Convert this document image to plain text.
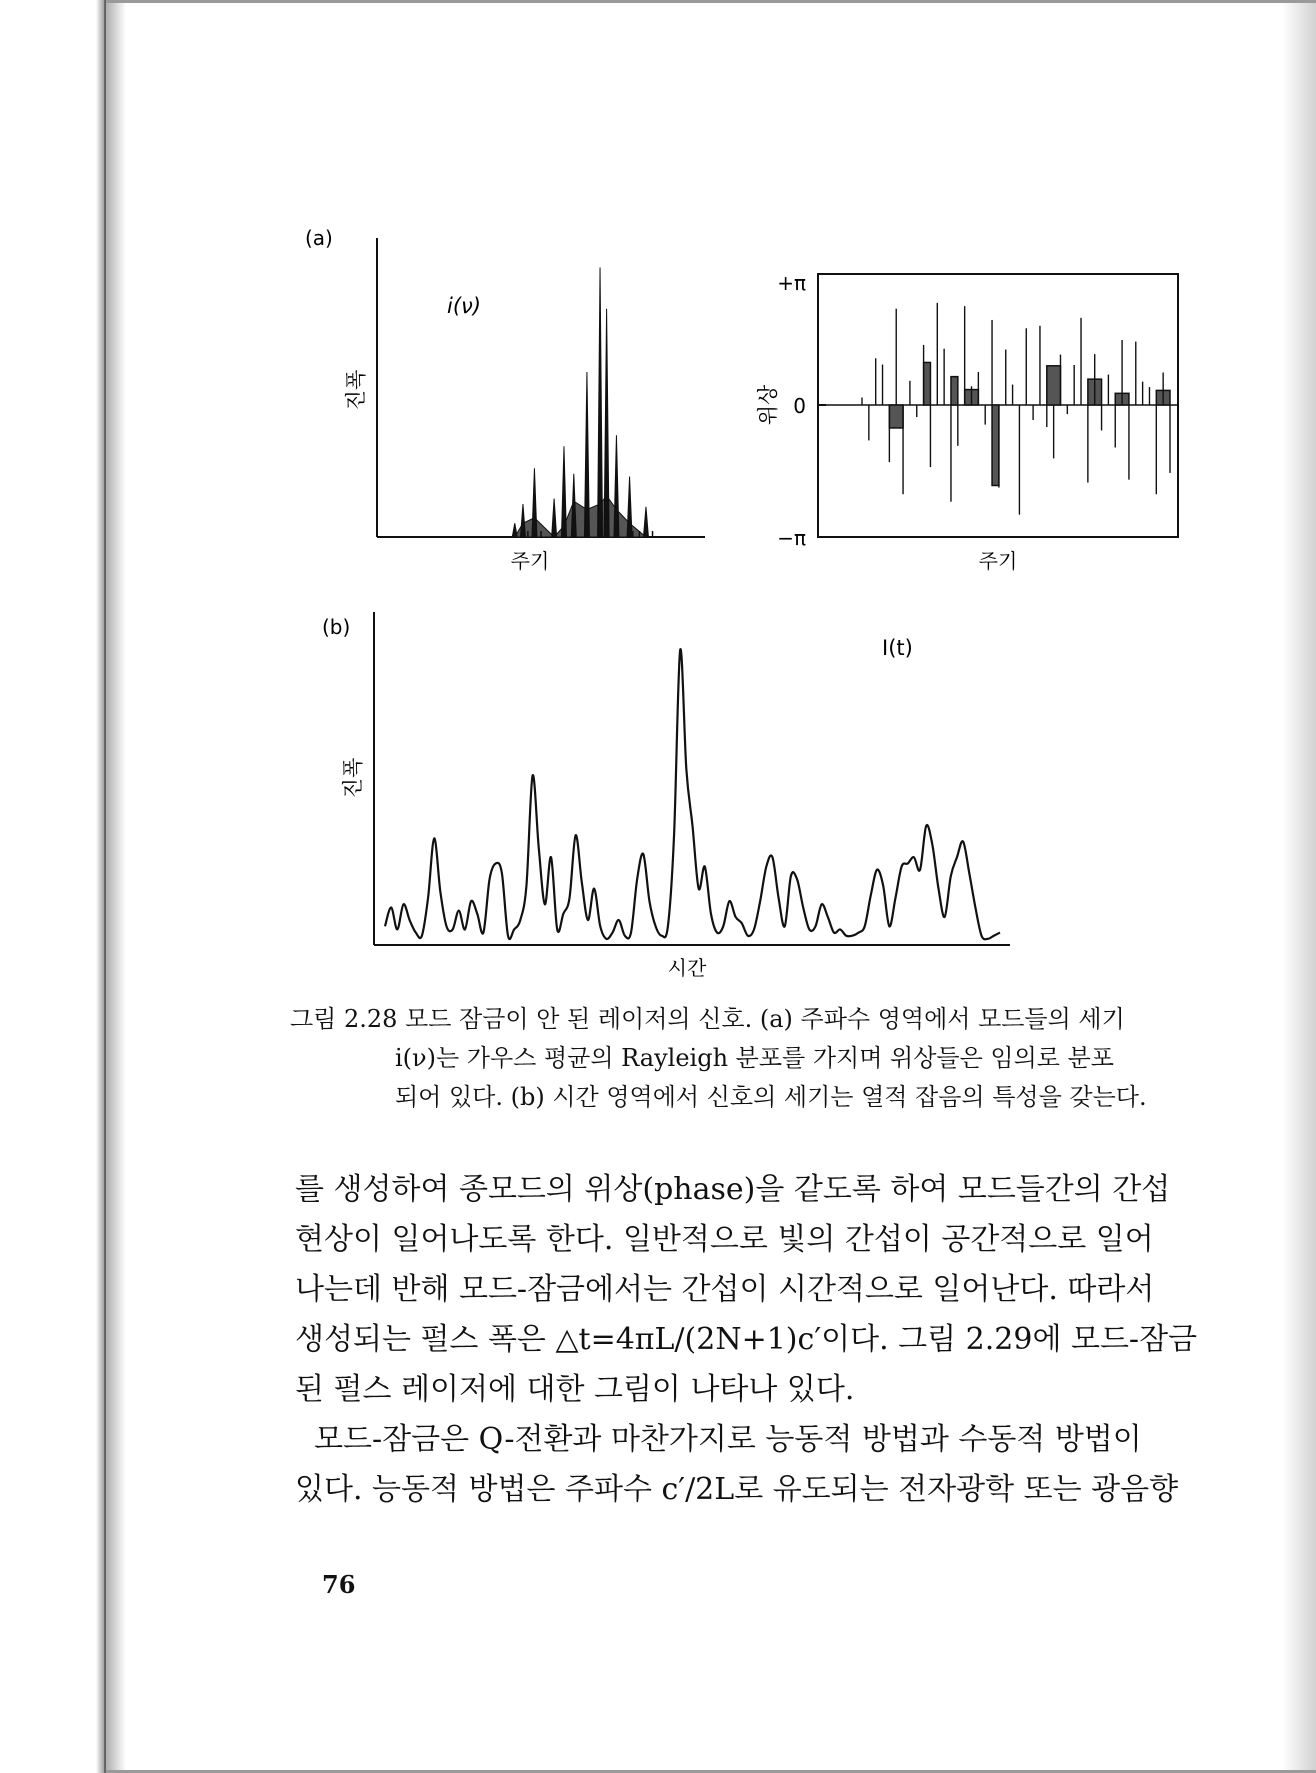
(a)
i(ν)
진폭
주기
+π
0
−π
위상
주기
(b)
I(t)
진폭
시간
그림 2.28 모드 잠금이 안 된 레이저의 신호. (a) 주파수 영역에서 모드들의 세기
i(ν)는 가우스 평균의 Rayleigh 분포를 가지며 위상들은 임의로 분포
되어 있다. (b) 시간 영역에서 신호의 세기는 열적 잡음의 특성을 갖는다.
를 생성하여 종모드의 위상(phase)을 같도록 하여 모드들간의 간섭
현상이 일어나도록 한다. 일반적으로 빛의 간섭이 공간적으로 일어
나는데 반해 모드-잠금에서는 간섭이 시간적으로 일어난다. 따라서
생성되는 펄스 폭은 △t=4πL/(2N+1)c′이다. 그림 2.29에 모드-잠금
된 펄스 레이저에 대한 그림이 나타나 있다.
모드-잠금은 Q-전환과 마찬가지로 능동적 방법과 수동적 방법이
있다. 능동적 방법은 주파수 c′/2L로 유도되는 전자광학 또는 광음향
76
